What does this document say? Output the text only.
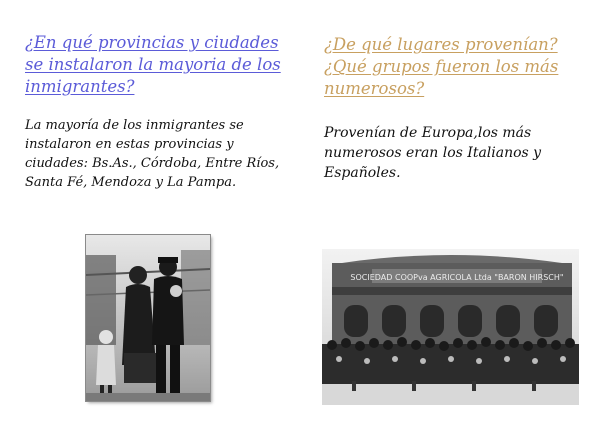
¿En qué provincias y ciudades se instalaron la mayoria de los inmigrantes?
La mayoría de los inmigrantes se instalaron en estas provincias y ciudades: Bs.As., Córdoba, Entre Ríos, Santa Fé, Mendoza y La Pampa.
¿De qué lugares provenían? ¿Qué grupos fueron los más numerosos?
Provenían de Europa,los más numerosos eran los Italianos y Españoles.
SOCIEDAD COOPva AGRICOLA Ltda "BARON HIRSCH"
